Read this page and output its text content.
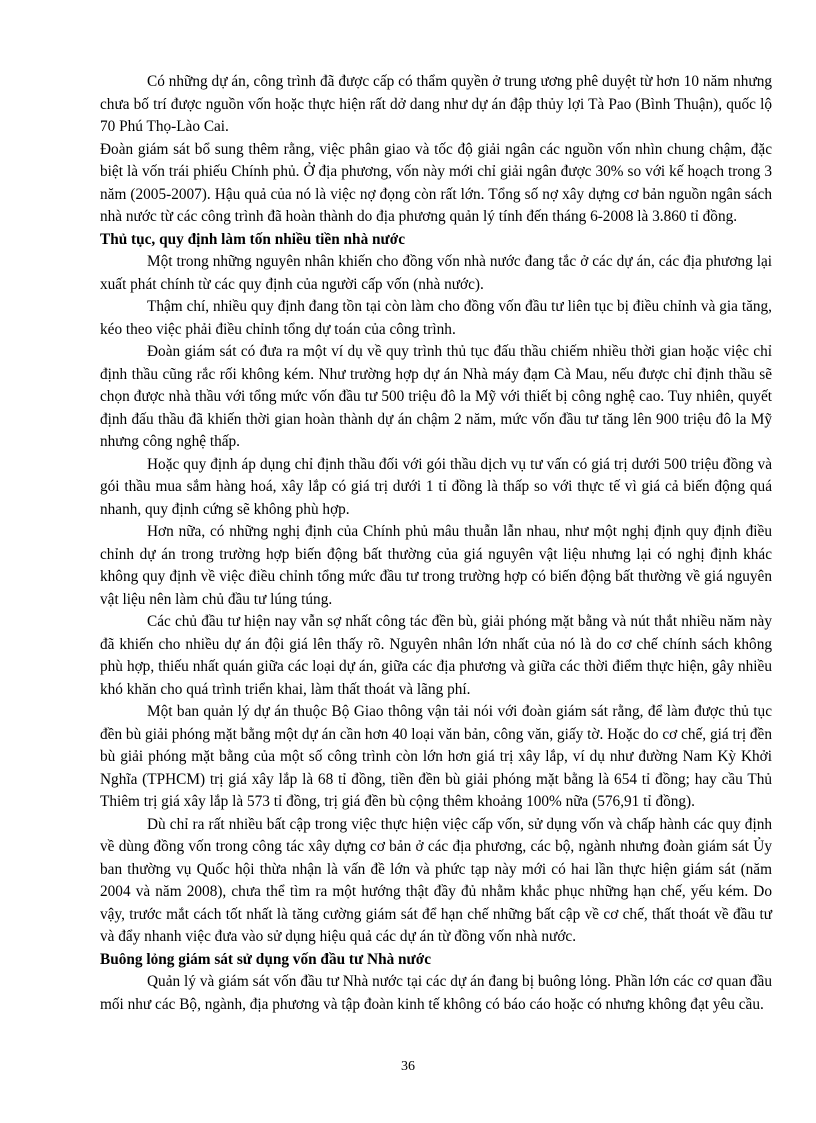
Có những dự án, công trình đã được cấp có thẩm quyền ở trung ương phê duyệt từ hơn 10 năm nhưng chưa bố trí được nguồn vốn hoặc thực hiện rất dở dang như dự án đập thủy lợi Tà Pao (Bình Thuận), quốc lộ 70 Phú Thọ-Lào Cai.

Đoàn giám sát bổ sung thêm rằng, việc phân giao và tốc độ giải ngân các nguồn vốn nhìn chung chậm, đặc biệt là vốn trái phiếu Chính phủ. Ở địa phương, vốn này mới chỉ giải ngân được 30% so với kế hoạch trong 3 năm (2005-2007). Hậu quả của nó là việc nợ đọng còn rất lớn. Tổng số nợ xây dựng cơ bản nguồn ngân sách nhà nước từ các công trình đã hoàn thành do địa phương quản lý tính đến tháng 6-2008 là 3.860 tỉ đồng.

Thủ tục, quy định làm tốn nhiều tiền nhà nước

Một trong những nguyên nhân khiến cho đồng vốn nhà nước đang tắc ở các dự án, các địa phương lại xuất phát chính từ các quy định của người cấp vốn (nhà nước).

Thậm chí, nhiều quy định đang tồn tại còn làm cho đồng vốn đầu tư liên tục bị điều chỉnh và gia tăng, kéo theo việc phải điều chỉnh tổng dự toán của công trình.

Đoàn giám sát có đưa ra một ví dụ về quy trình thủ tục đấu thầu chiếm nhiều thời gian hoặc việc chỉ định thầu cũng rắc rối không kém. Như trường hợp dự án Nhà máy đạm Cà Mau, nếu được chỉ định thầu sẽ chọn được nhà thầu với tổng mức vốn đầu tư 500 triệu đô la Mỹ với thiết bị công nghệ cao. Tuy nhiên, quyết định đấu thầu đã khiến thời gian hoàn thành dự án chậm 2 năm, mức vốn đầu tư tăng lên 900 triệu đô la Mỹ nhưng công nghệ thấp.

Hoặc quy định áp dụng chỉ định thầu đối với gói thầu dịch vụ tư vấn có giá trị dưới 500 triệu đồng và gói thầu mua sắm hàng hoá, xây lắp có giá trị dưới 1 tỉ đồng là thấp so với thực tế vì giá cả biến động quá nhanh, quy định cứng sẽ không phù hợp.

Hơn nữa, có những nghị định của Chính phủ mâu thuẫn lẫn nhau, như một nghị định quy định điều chỉnh dự án trong trường hợp biến động bất thường của giá nguyên vật liệu nhưng lại có nghị định khác không quy định về việc điều chỉnh tổng mức đầu tư trong trường hợp có biến động bất thường về giá nguyên vật liệu nên làm chủ đầu tư lúng túng.

Các chủ đầu tư hiện nay vẫn sợ nhất công tác đền bù, giải phóng mặt bằng và nút thắt nhiều năm này đã khiến cho nhiều dự án đội giá lên thấy rõ. Nguyên nhân lớn nhất của nó là do cơ chế chính sách không phù hợp, thiếu nhất quán giữa các loại dự án, giữa các địa phương và giữa các thời điểm thực hiện, gây nhiều khó khăn cho quá trình triển khai, làm thất thoát và lãng phí.

Một ban quản lý dự án thuộc Bộ Giao thông vận tải nói với đoàn giám sát rằng, để làm được thủ tục đền bù giải phóng mặt bằng một dự án cần hơn 40 loại văn bản, công văn, giấy tờ. Hoặc do cơ chế, giá trị đền bù giải phóng mặt bằng của một số công trình còn lớn hơn giá trị xây lắp, ví dụ như đường Nam Kỳ Khởi Nghĩa (TPHCM) trị giá xây lắp là 68 tỉ đồng, tiền đền bù giải phóng mặt bằng là 654 tỉ đồng; hay cầu Thủ Thiêm trị giá xây lắp là 573 tỉ đồng, trị giá đền bù cộng thêm khoảng 100% nữa (576,91 tỉ đồng).

Dù chỉ ra rất nhiều bất cập trong việc thực hiện việc cấp vốn, sử dụng vốn và chấp hành các quy định về dùng đồng vốn trong công tác xây dựng cơ bản ở các địa phương, các bộ, ngành nhưng đoàn giám sát Ủy ban thường vụ Quốc hội thừa nhận là vấn đề lớn và phức tạp này mới có hai lần thực hiện giám sát (năm 2004 và năm 2008), chưa thể tìm ra một hướng thật đầy đủ nhằm khắc phục những hạn chế, yếu kém. Do vậy, trước mắt cách tốt nhất là tăng cường giám sát để hạn chế những bất cập về cơ chế, thất thoát về đầu tư và đẩy nhanh việc đưa vào sử dụng hiệu quả các dự án từ đồng vốn nhà nước.

Buông lỏng giám sát sử dụng vốn đầu tư Nhà nước

Quản lý và giám sát vốn đầu tư Nhà nước tại các dự án đang bị buông lỏng. Phần lớn các cơ quan đầu mối như các Bộ, ngành, địa phương và tập đoàn kinh tế không có báo cáo hoặc có nhưng không đạt yêu cầu.

36
